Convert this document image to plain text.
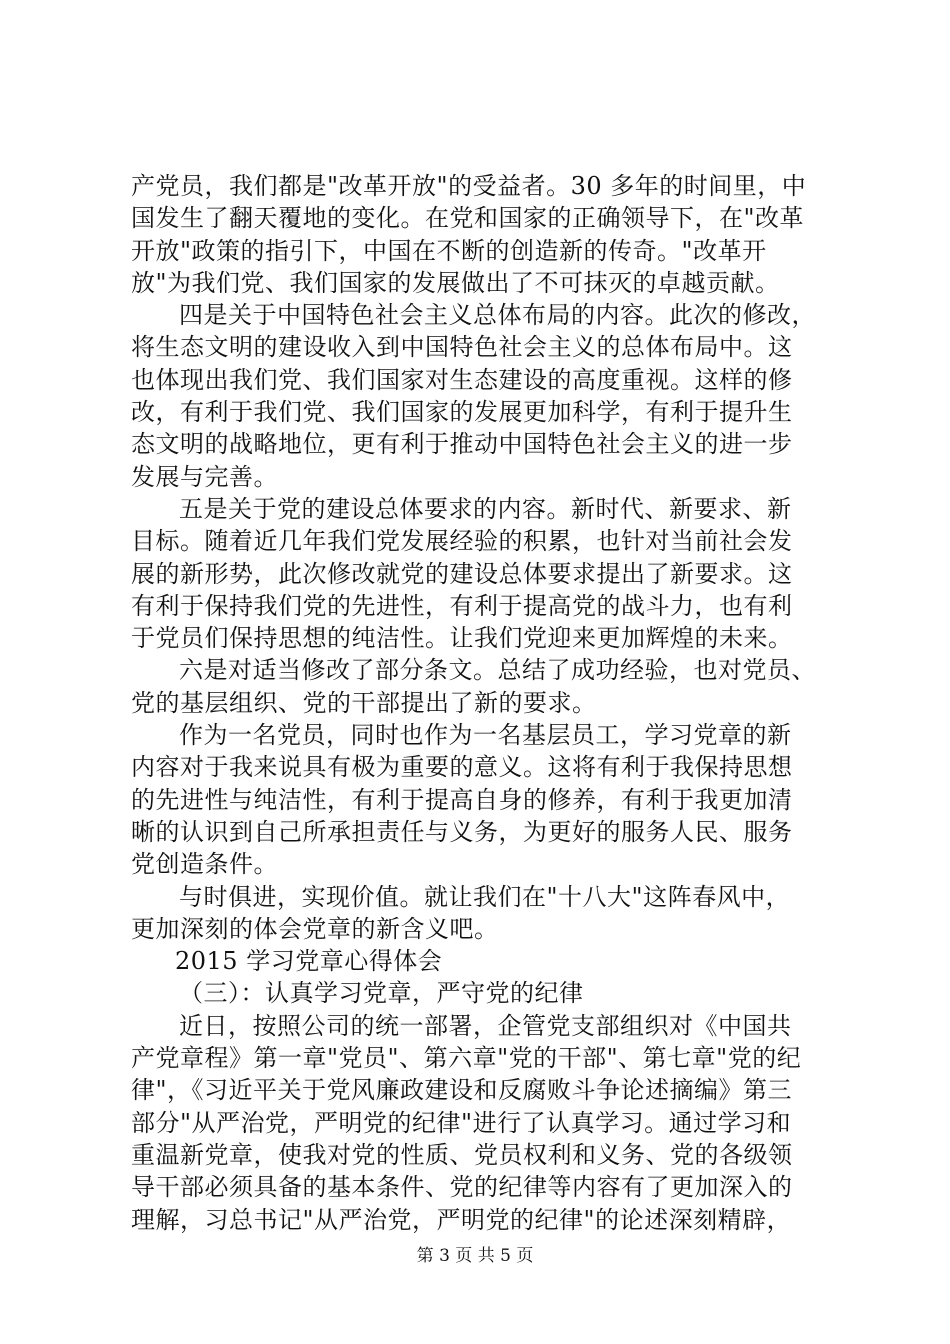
产党员，我们都是"改革开放"的受益者。30 多年的时间里，中
国发生了翻天覆地的变化。在党和国家的正确领导下，在"改革
开放"政策的指引下，中国在不断的创造新的传奇。"改革开
放"为我们党、我们国家的发展做出了不可抹灭的卓越贡献。
四是关于中国特色社会主义总体布局的内容。此次的修改，
将生态文明的建设收入到中国特色社会主义的总体布局中。这
也体现出我们党、我们国家对生态建设的高度重视。这样的修
改，有利于我们党、我们国家的发展更加科学，有利于提升生
态文明的战略地位，更有利于推动中国特色社会主义的进一步
发展与完善。
五是关于党的建设总体要求的内容。新时代、新要求、新
目标。随着近几年我们党发展经验的积累，也针对当前社会发
展的新形势，此次修改就党的建设总体要求提出了新要求。这
有利于保持我们党的先进性，有利于提高党的战斗力，也有利
于党员们保持思想的纯洁性。让我们党迎来更加辉煌的未来。
六是对适当修改了部分条文。总结了成功经验，也对党员、
党的基层组织、党的干部提出了新的要求。
作为一名党员，同时也作为一名基层员工，学习党章的新
内容对于我来说具有极为重要的意义。这将有利于我保持思想
的先进性与纯洁性，有利于提高自身的修养，有利于我更加清
晰的认识到自己所承担责任与义务，为更好的服务人民、服务
党创造条件。
与时俱进，实现价值。就让我们在"十八大"这阵春风中，
更加深刻的体会党章的新含义吧。
2015 学习党章心得体会
（三）：认真学习党章，严守党的纪律
近日，按照公司的统一部署，企管党支部组织对《中国共
产党章程》第一章"党员"、第六章"党的干部"、第七章"党的纪
律"，《习近平关于党风廉政建设和反腐败斗争论述摘编》第三
部分"从严治党，严明党的纪律"进行了认真学习。通过学习和
重温新党章，使我对党的性质、党员权利和义务、党的各级领
导干部必须具备的基本条件、党的纪律等内容有了更加深入的
理解，习总书记"从严治党，严明党的纪律"的论述深刻精辟，
第 3 页 共 5 页
